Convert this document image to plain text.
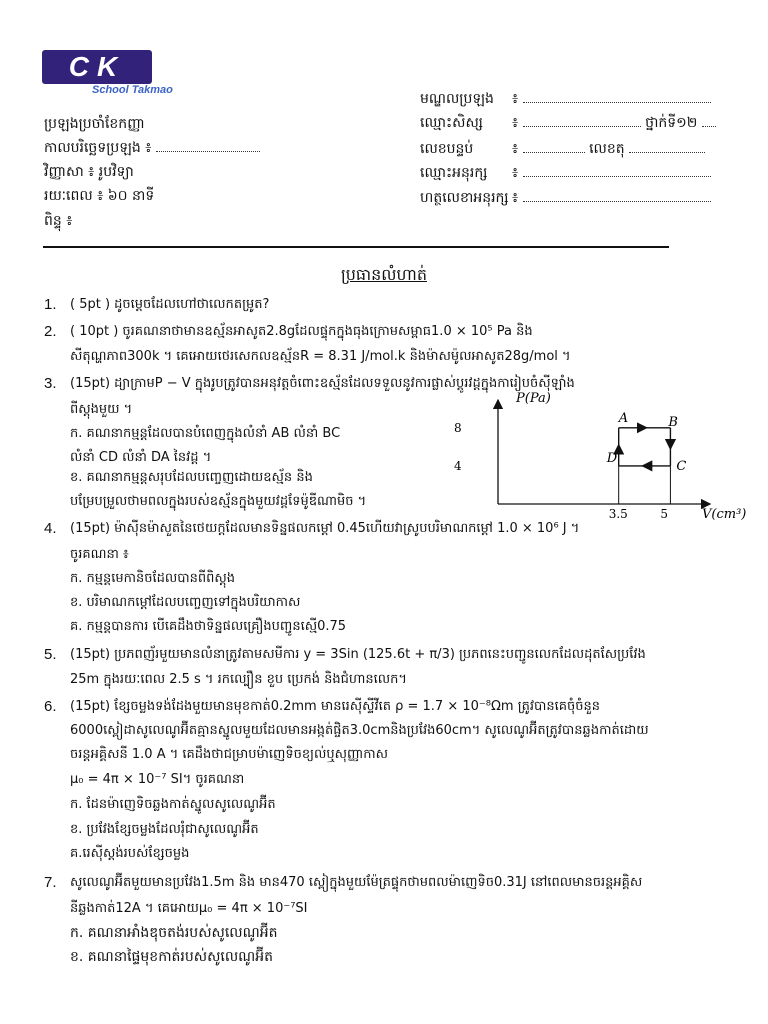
CK
School Takmao
មណ្ឌលប្រឡង ៖
ឈ្មោះសិស្ស ៖	ថ្នាក់ទី១២
លេខបន្ទប់	៖	លេខតុ
ឈ្មោះអនុរក្ស ៖
ហត្ថលេខាអនុរក្ស ៖
ប្រឡងប្រចាំខែកញ្ញា
កាលបរិច្ឆេទប្រឡង ៖
វិញ្ញាសា ៖ រូបវិទ្យា
រយៈពេល ៖ ៦០ នាទី
ពិន្ទុ ៖
ប្រធានលំហាត់
1.	( 5pt ) ដូចម្ដេចដែលហៅថាលេកតម្រូត?
2.	( 10pt ) ចូរគណនាថាមានឧស្ម័នអាសូត2.8gដែលផ្ទុកក្នុងធុងក្រោមសម្ពាធ1.0 × 10⁵ Pa និង
សីតុណ្ហភាព300k ។ គេអោយថេរសេកលឧស្ម័នR = 8.31 J/mol.k និងម៉ាសម៉ូលអាសូត28g/mol ។
3.	(15pt) ដ្យាក្រាមP − V ក្នុងរូបត្រូវបានអនុវត្តចំពោះឧស្ម័នដែលទទួលនូវការផ្លាស់ប្ដូរវដ្ដក្នុងការៀបចំស៊ីឡាំង
ពីស្តុងមួយ ។
ក. គណនាកម្មន្តដែលបានបំពេញក្នុងលំនាំ AB លំនាំ BC
លំនាំ CD លំនាំ DA នៃវដ្ដ ។
ខ. គណនាកម្មន្តសរុបដែលបញ្ចេញដោយឧស្ម័ន និង
បម្រែបម្រួលថាមពលក្នុងរបស់ឧស្ម័នក្នុងមួយវដ្ដទែម៉ូឌីណាមិច ។
4.	(15pt) ម៉ាស៊ីនម៉ាសួតនៃថេយក្តដែលមានទិន្នផលកម្ដៅ 0.45ហើយវាស្រូបបរិមាណកម្ដៅ 1.0 × 10⁶ J ។
ចូរគណនា ៖
ក. កម្មន្តមេកានិចដែលបានពីពិស្តុង
ខ. បរិមាណកម្ដៅដែលបញ្ចេញទៅក្នុងបរិយាកាស
គ. កម្មន្តបានការ បើគេដឹងថាទិន្នផលគ្រឿងបញ្ជូនស្មើ0.75
5.	(15pt) ប្រភពញ័រមួយមានលំនាត្រូវតាមសមីការ y = 3Sin (125.6t + π/3) ប្រភពនេះបញ្ជូនលេកដែលដុតសែប្រវែង
25m ក្នុងរយៈពេល 2.5 s ។ រកល្បឿន ខួប ប្រេកង់ និងជំហានលេក។
6.	(15pt) ខ្សែចម្លងទង់ដែងមួយមានមុខកាត់0.2mm មានរេស៊ីស្ទីវីតេ ρ = 1.7 × 10⁻⁸Ωm ត្រូវបានគេចុំចំនួន
6000ស្ពៀដាសូលេណូអ៊ីតគ្មានស្នូលមួយដែលមានអង្កត់ផ្ចិត3.0cmនិងប្រវែង60cm។ សូលេណូអ៊ីតត្រូវបានឆ្លងកាត់ដោយ
ចរន្តអគ្គិសនី 1.0 A ។ គេដឹងថាជម្រាបម៉ាញេទិចខ្យល់ឬសុញ្ញាកាស
μ₀ = 4π × 10⁻⁷ SI។ ចូរគណនា
ក. ដែនម៉ាញេទិចឆ្លងកាត់ស្នូលសូលេណូអ៊ីត
ខ. ប្រវែងខ្សែចម្លងដែលរុំជាសូលេណូអ៊ីត
គ.រេស៊ីស្តង់របស់ខ្សែចម្លង
7.	សូលេណូអ៊ីតមួយមានប្រវែង1.5m និង មាន470 ស្ពៀក្នុងមួយម៉ែត្រផ្ទុកថាមពលម៉ាញេទិច0.31J នៅពេលមានចរន្តអគ្គិស
នីឆ្លងកាត់12A ។ គេអោយμ₀ = 4π × 10⁻⁷SI
ក. គណនាអាំងឌុចតង់របស់សូលេណូអ៊ីត
ខ. គណនាផ្ទៃមុខកាត់របស់សូលេណូអ៊ីត
P(Pa)
V(cm³)
3.5	5
8
4
A	B
C
D
